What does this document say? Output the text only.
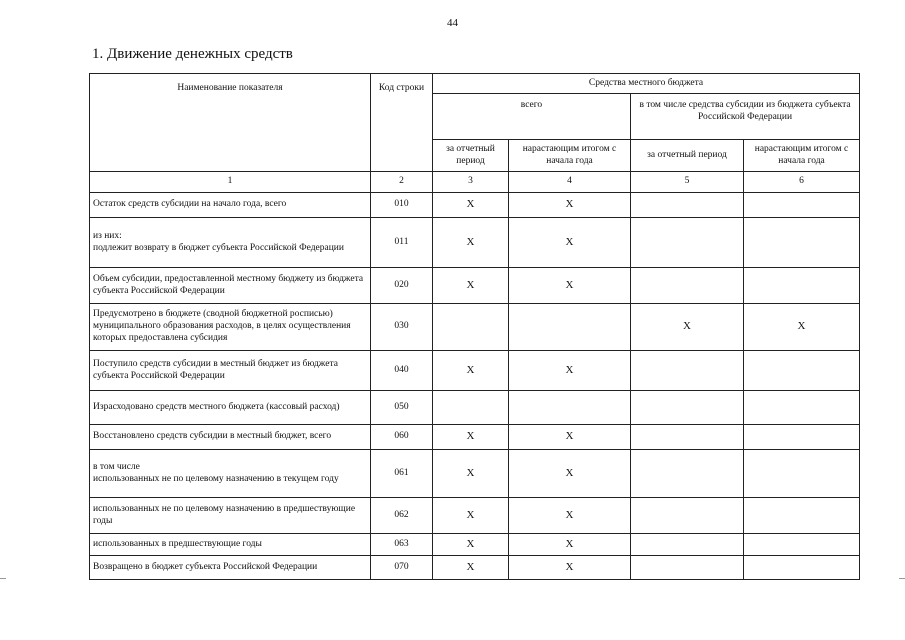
44
1. Движение денежных средств
Наименование показателя	Код строки	Средства местного бюджета			
		всего		в том числе средства субсидии из бюджета субъекта Российской Федерации	
		за отчетный период	нарастающим итогом с начала года	за отчетный период	нарастающим итогом с начала года
1	2	3	4	5	6
Остаток средств субсидии на начало года, всего	010	X	X		

из них:
подлежит возврату в бюджет субъекта Российской Федерации	011	X	X		
Объем субсидии, предоставленной местному бюджету из бюджета субъекта Российской Федерации	020	X	X		
Предусмотрено в бюджете (сводной бюджетной росписью) муниципального образования расходов, в целях осуществления которых предоставлена субсидия	030			X	X
Поступило средств субсидии в местный бюджет из бюджета субъекта Российской Федерации	040	X	X		
Израсходовано средств местного бюджета (кассовый расход)	050				
Восстановлено средств субсидии в местный бюджет, всего	060	X	X		

в том числе
использованных не по целевому назначению в текущем году	061	X	X		
использованных не по целевому назначению в предшествующие годы	062	X	X		
использованных в предшествующие годы	063	X	X		
Возвращено в бюджет субъекта Российской Федерации	070	X	X		
